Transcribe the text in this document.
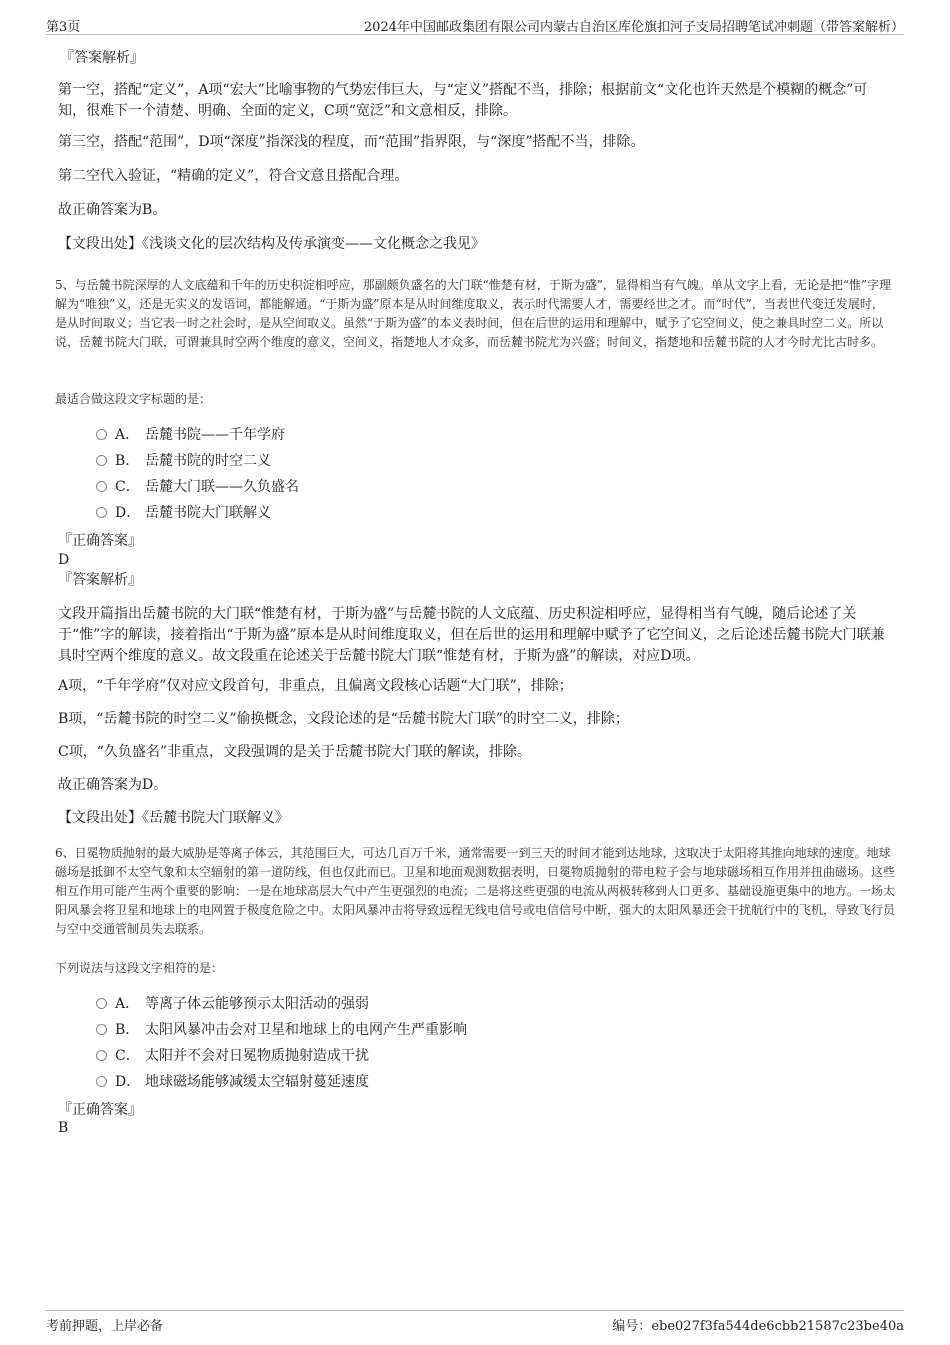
第3页	2024年中国邮政集团有限公司内蒙古自治区库伦旗扣河子支局招聘笔试冲刺题（带答案解析）
『答案解析』
第一空，搭配“定义”，A项“宏大”比喻事物的气势宏伟巨大，与“定义”搭配不当，排除；根据前文“文化也许天然是个模糊的概念”可知，很难下一个清楚、明确、全面的定义，C项“宽泛”和文意相反，排除。
第三空，搭配“范围”，D项“深度”指深浅的程度，而“范围”指界限，与“深度”搭配不当，排除。
第二空代入验证，“精确的定义”，符合文意且搭配合理。
故正确答案为B。
【文段出处】《浅谈文化的层次结构及传承演变——文化概念之我见》
5、与岳麓书院深厚的人文底蕴和千年的历史积淀相呼应，那副颇负盛名的大门联“惟楚有材，于斯为盛”，显得相当有气魄。单从文字上看，无论是把“惟”字理解为“唯独”义，还是无实义的发语词，都能解通。“于斯为盛”原本是从时间维度取义，表示时代需要人才，需要经世之才。而“时代”，当表世代变迁发展时，是从时间取义；当它表一时之社会时，是从空间取义。虽然“于斯为盛”的本义表时间，但在后世的运用和理解中，赋予了它空间义，使之兼具时空二义。所以说，岳麓书院大门联，可谓兼具时空两个维度的意义，空间义，指楚地人才众多，而岳麓书院尤为兴盛；时间义，指楚地和岳麓书院的人才今时尤比古时多。
最适合做这段文字标题的是：
A． 岳麓书院——千年学府
B． 岳麓书院的时空二义
C． 岳麓大门联——久负盛名
D． 岳麓书院大门联解义
『正确答案』
D
『答案解析』
文段开篇指出岳麓书院的大门联“惟楚有材，于斯为盛”与岳麓书院的人文底蕴、历史积淀相呼应，显得相当有气魄，随后论述了关于“惟”字的解读，接着指出“于斯为盛”原本是从时间维度取义，但在后世的运用和理解中赋予了它空间义，之后论述岳麓书院大门联兼具时空两个维度的意义。故文段重在论述关于岳麓书院大门联“惟楚有材，于斯为盛”的解读，对应D项。
A项，“千年学府”仅对应文段首句，非重点，且偏离文段核心话题“大门联”，排除；
B项，“岳麓书院的时空二义”偷换概念，文段论述的是“岳麓书院大门联”的时空二义，排除；
C项，“久负盛名”非重点，文段强调的是关于岳麓书院大门联的解读，排除。
故正确答案为D。
【文段出处】《岳麓书院大门联解义》
6、日冕物质抛射的最大威胁是等离子体云，其范围巨大，可达几百万千米，通常需要一到三天的时间才能到达地球，这取决于太阳将其推向地球的速度。地球磁场是抵御不太空气象和太空辐射的第一道防线，但也仅此而已。卫星和地面观测数据表明，日冕物质抛射的带电粒子会与地球磁场相互作用并扭曲磁场。这些相互作用可能产生两个重要的影响：一是在地球高层大气中产生更强烈的电流；二是将这些更强的电流从两极转移到人口更多、基础设施更集中的地方。一场太阳风暴会将卫星和地球上的电网置于极度危险之中。太阳风暴冲击将导致远程无线电信号或电信信号中断，强大的太阳风暴还会干扰航行中的飞机，导致飞行员与空中交通管制员失去联系。
下列说法与这段文字相符的是：
A． 等离子体云能够预示太阳活动的强弱
B． 太阳风暴冲击会对卫星和地球上的电网产生严重影响
C． 太阳并不会对日冕物质抛射造成干扰
D． 地球磁场能够减缓太空辐射蔓延速度
『正确答案』
B
考前押题，上岸必备	编号：ebe027f3fa544de6cbb21587c23be40a
